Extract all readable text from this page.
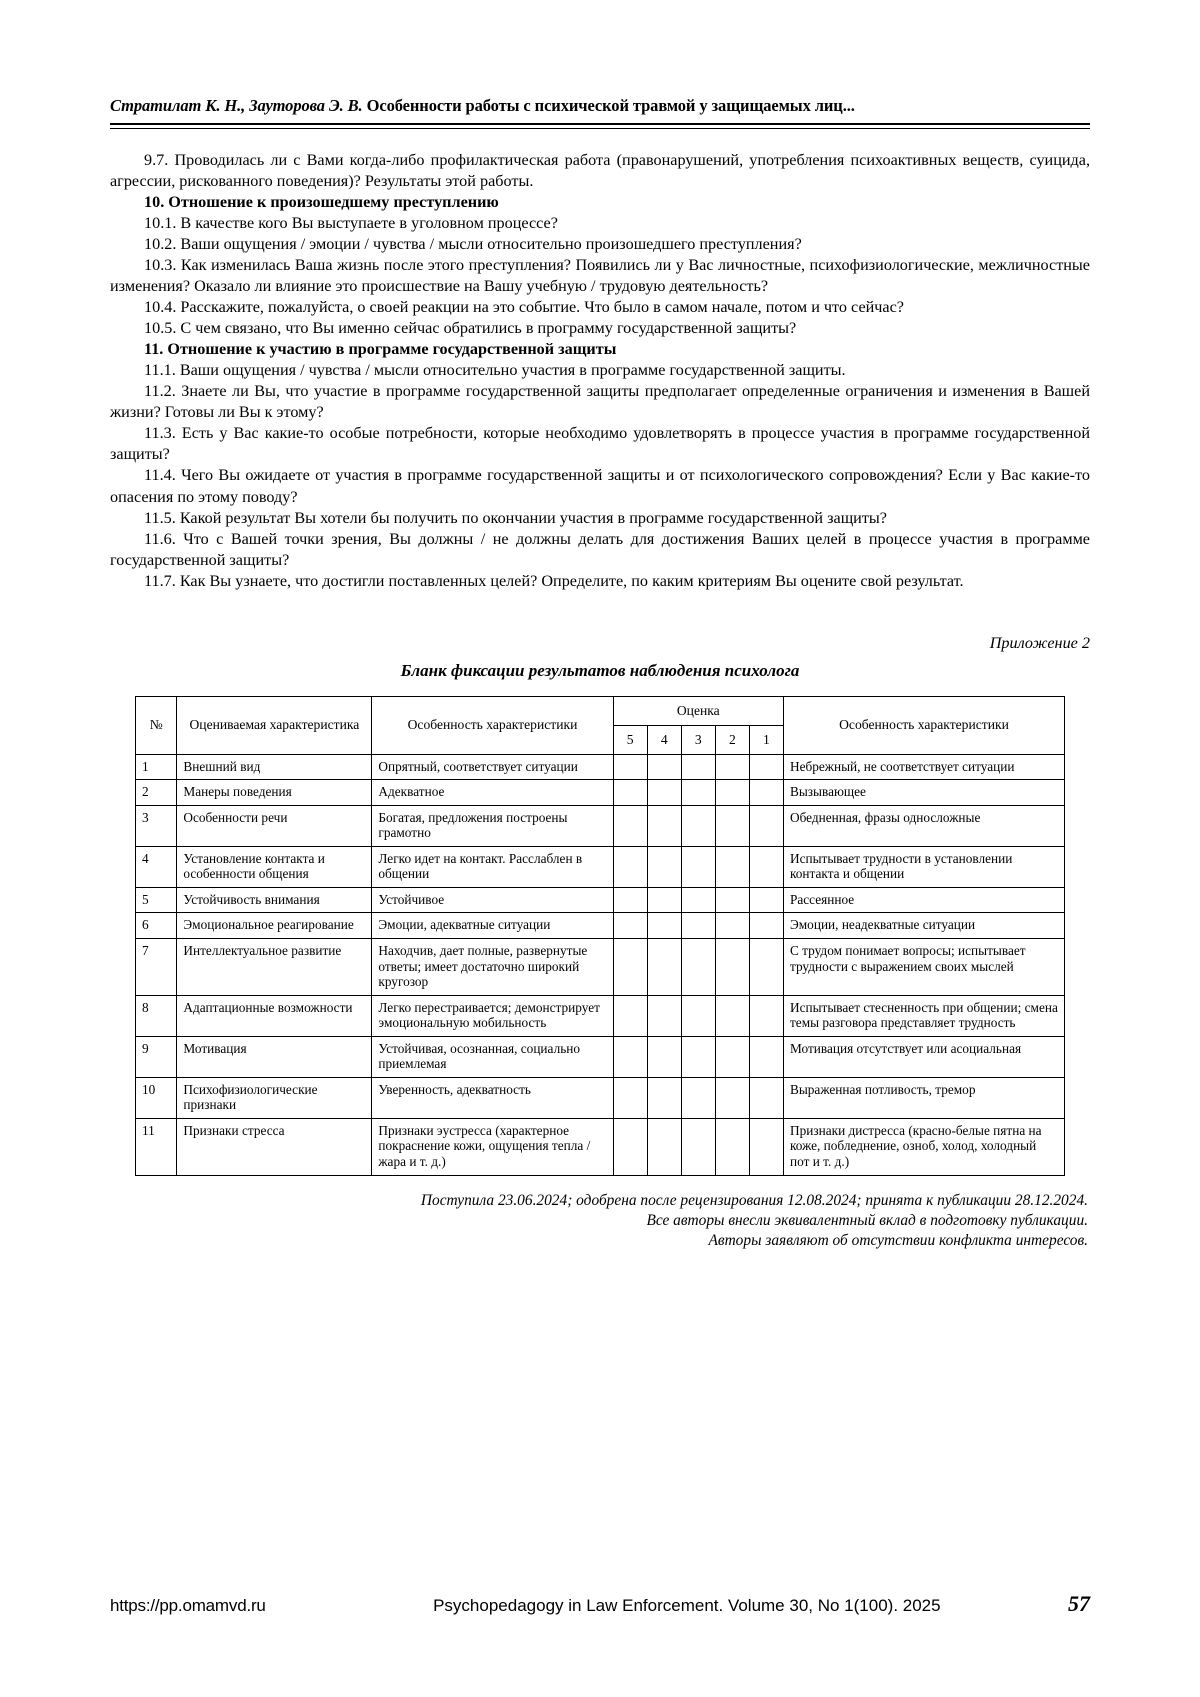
Стратилат К. Н., Зауторова Э. В. Особенности работы с психической травмой у защищаемых лиц...

9.7. Проводилась ли с Вами когда-либо профилактическая работа (правонарушений, употребления психоактивных веществ, суицида, агрессии, рискованного поведения)? Результаты этой работы.

10. Отношение к произошедшему преступлению

10.1. В качестве кого Вы выступаете в уголовном процессе?

10.2. Ваши ощущения / эмоции / чувства / мысли относительно произошедшего преступления?

10.3. Как изменилась Ваша жизнь после этого преступления? Появились ли у Вас личностные, психофизиологические, межличностные изменения? Оказало ли влияние это происшествие на Вашу учебную / трудовую деятельность?

10.4. Расскажите, пожалуйста, о своей реакции на это событие. Что было в самом начале, потом и что сейчас?

10.5. С чем связано, что Вы именно сейчас обратились в программу государственной защиты?

11. Отношение к участию в программе государственной защиты

11.1. Ваши ощущения / чувства / мысли относительно участия в программе государственной защиты.

11.2. Знаете ли Вы, что участие в программе государственной защиты предполагает определенные ограничения и изменения в Вашей жизни? Готовы ли Вы к этому?

11.3. Есть у Вас какие-то особые потребности, которые необходимо удовлетворять в процессе участия в программе государственной защиты?

11.4. Чего Вы ожидаете от участия в программе государственной защиты и от психологического сопровождения? Если у Вас какие-то опасения по этому поводу?

11.5. Какой результат Вы хотели бы получить по окончании участия в программе государственной защиты?

11.6. Что с Вашей точки зрения, Вы должны / не должны делать для достижения Ваших целей в процессе участия в программе государственной защиты?

11.7. Как Вы узнаете, что достигли поставленных целей? Определите, по каким критериям Вы оцените свой результат.

Приложение 2
Бланк фиксации результатов наблюдения психолога
№	Оцениваемая характеристика	Особенность характеристики	Оценка					Особенность характеристики
			5	4	3	2	1	
1	Внешний вид	Опрятный, соответствует ситуации						Небрежный, не соответствует ситуации
2	Манеры поведения	Адекватное						Вызывающее
3	Особенности речи	Богатая, предложения построены грамотно						Обедненная, фразы односложные
4	Установление контакта и особенности общения	Легко идет на контакт. Расслаблен в общении						Испытывает трудности в установлении контакта и общении
5	Устойчивость внимания	Устойчивое						Рассеянное
6	Эмоциональное реагирование	Эмоции, адекватные ситуации						Эмоции, неадекватные ситуации
7	Интеллектуальное развитие	Находчив, дает полные, развернутые ответы; имеет достаточно широкий кругозор						С трудом понимает вопросы; испытывает трудности с выражением своих мыслей
8	Адаптационные возможности	Легко перестраивается; демонстрирует эмоциональную мобильность						Испытывает стесненность при общении; смена темы разговора представляет трудность
9	Мотивация	Устойчивая, осознанная, социально приемлемая						Мотивация отсутствует или асоциальная
10	Психофизиологические признаки	Уверенность, адекватность						Выраженная потливость, тремор
11	Признаки стресса	Признаки эустресса (характерное покраснение кожи, ощущения тепла / жара и т. д.)						Признаки дистресса (красно-белые пятна на коже, побледнение, озноб, холод, холодный пот и т. д.)
Поступила 23.06.2024; одобрена после рецензирования 12.08.2024; принята к публикации 28.12.2024.
Все авторы внесли эквивалентный вклад в подготовку публикации.
Авторы заявляют об отсутствии конфликта интересов.
https://pp.omamvd.ru	Psychopedagogy in Law Enforcement. Volume 30, No 1(100). 2025	57
